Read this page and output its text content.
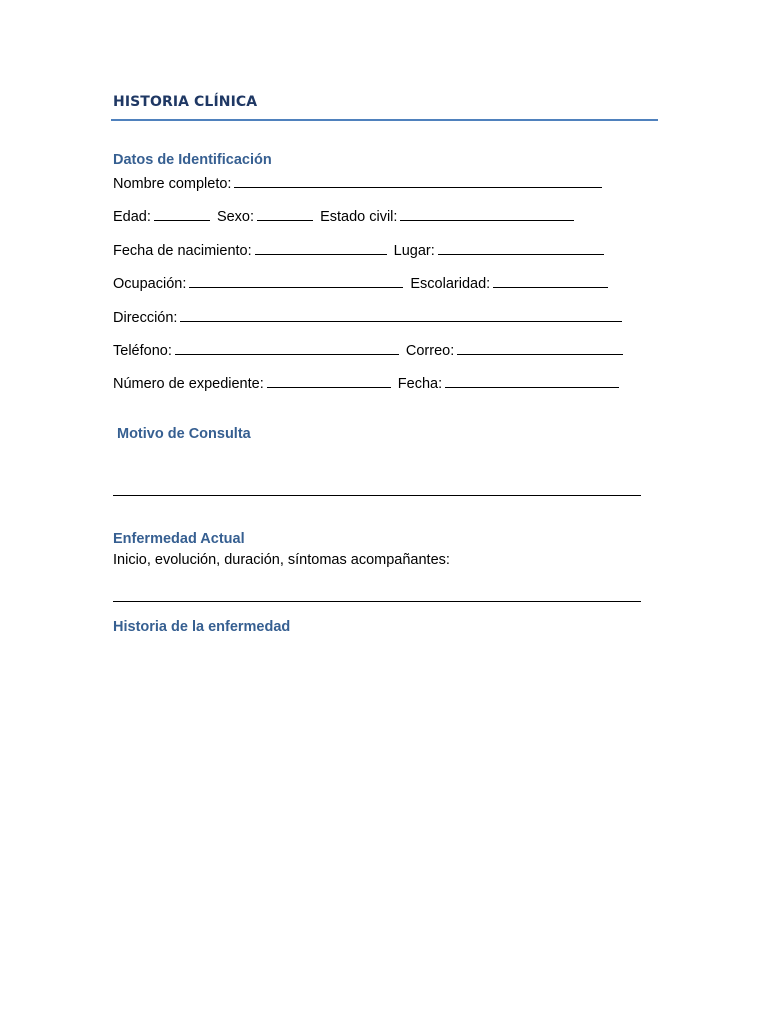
HISTORIA CLÍNICA
Datos de Identificación
Nombre completo:
Edad:	Sexo:	Estado civil:
Fecha de nacimiento:	Lugar:
Ocupación:	Escolaridad:
Dirección:
Teléfono:	Correo:
Número de expediente:	Fecha:
Motivo de Consulta
Enfermedad Actual
Inicio, evolución, duración, síntomas acompañantes:
Historia de la enfermedad
